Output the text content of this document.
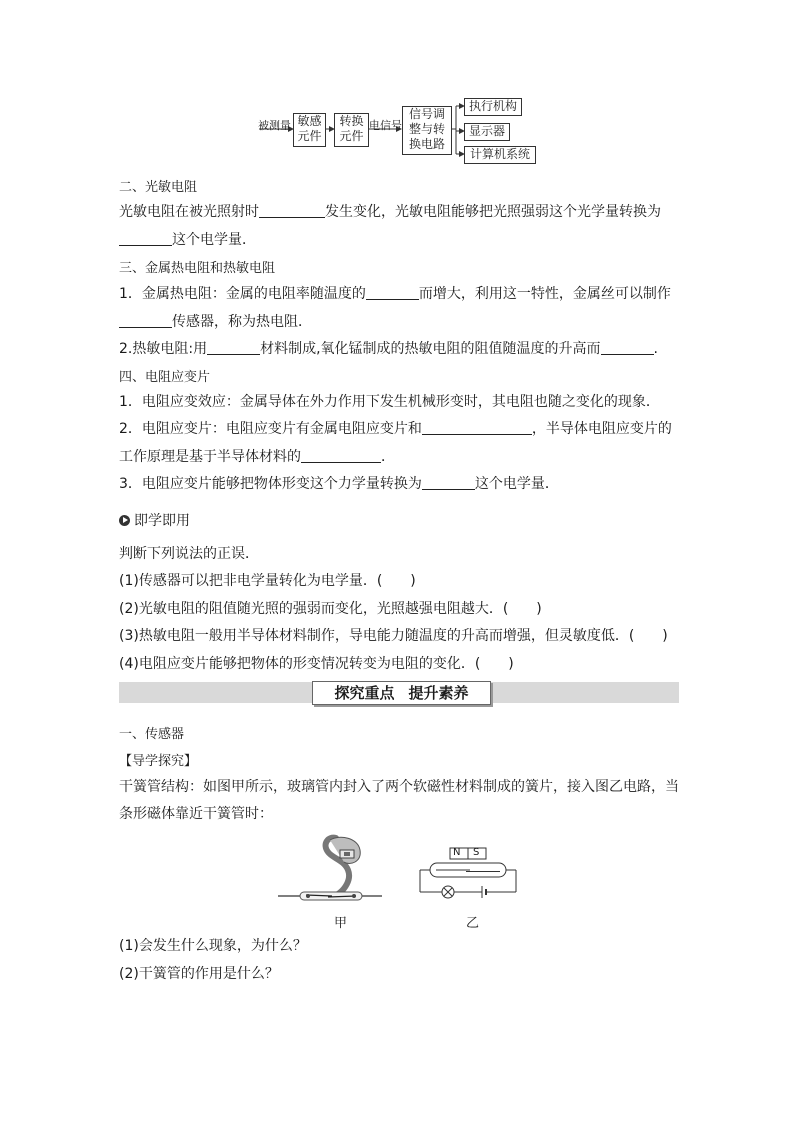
被测量 敏感
元件
转换
元件
电信号
信号调
整与转
换电路
执行机构
显示器
计算机系统
二、光敏电阻
光敏电阻在被光照射时	发生变化，光敏电阻能够把光照强弱这个光学量转换为
这个电学量．
三、金属热电阻和热敏电阻
1．金属热电阻：金属的电阻率随温度的	而增大，利用这一特性，金属丝可以制作
传感器，称为热电阻．
2.热敏电阻:用	材料制成,氧化锰制成的热敏电阻的阻值随温度的升高而	.
四、电阻应变片
1．电阻应变效应：金属导体在外力作用下发生机械形变时，其电阻也随之变化的现象．
2．电阻应变片：电阻应变片有金属电阻应变片和	，半导体电阻应变片的
工作原理是基于半导体材料的	．
3．电阻应变片能够把物体形变这个力学量转换为	这个电学量．
即学即用
判断下列说法的正误．
(1)传感器可以把非电学量转化为电学量．(　　)
(2)光敏电阻的阻值随光照的强弱而变化，光照越强电阻越大．(　　)
(3)热敏电阻一般用半导体材料制作，导电能力随温度的升高而增强，但灵敏度低．(　　)
(4)电阻应变片能够把物体的形变情况转变为电阻的变化．(　　)
探究重点 提升素养
一、传感器
【导学探究】
干簧管结构：如图甲所示，玻璃管内封入了两个软磁性材料制成的簧片，接入图乙电路，当
条形磁体靠近干簧管时：
甲
N S
乙
(1)会发生什么现象，为什么？
(2)干簧管的作用是什么？
